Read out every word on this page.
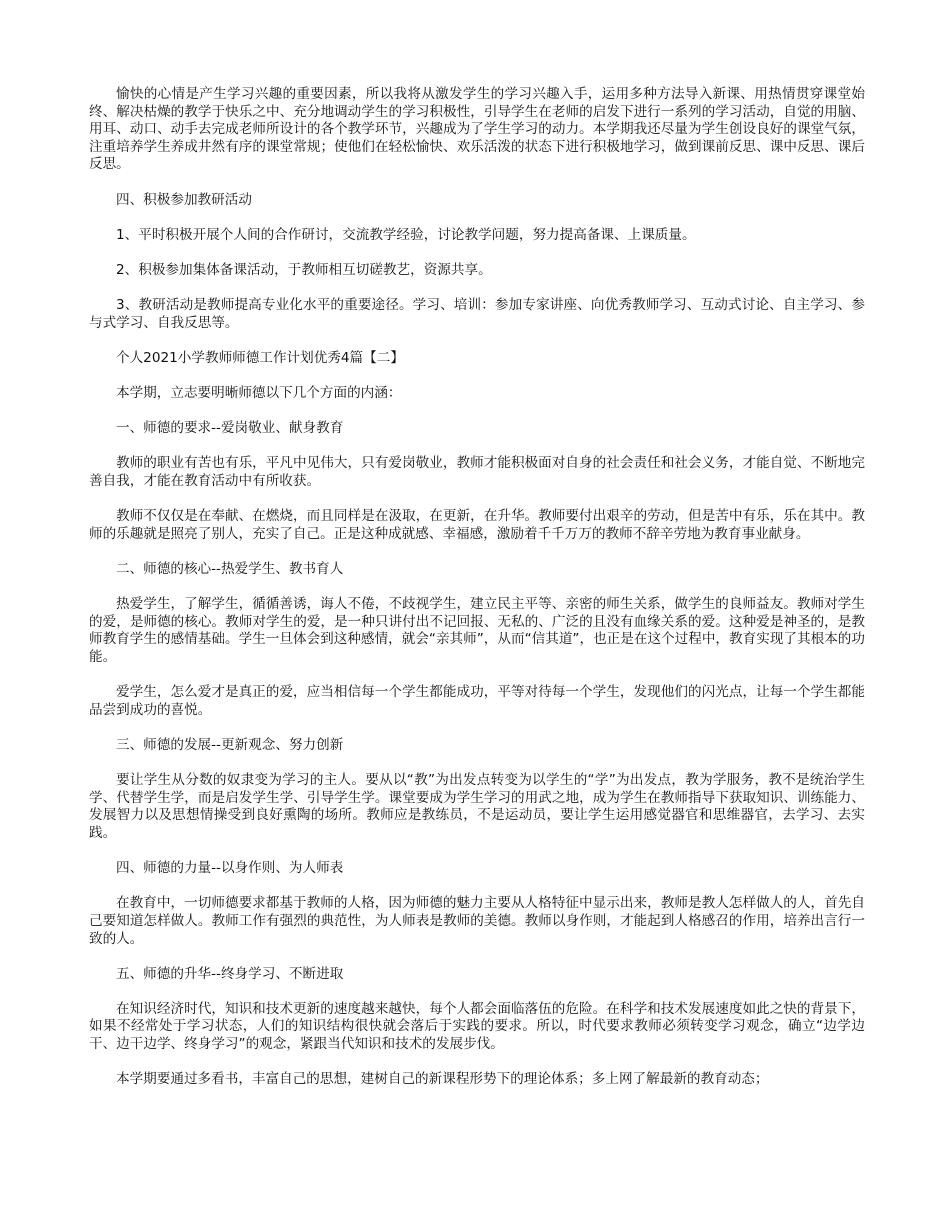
愉快的心情是产生学习兴趣的重要因素，所以我将从激发学生的学习兴趣入手，运用多种方法导入新课、用热情贯穿课堂始终、解决枯燥的教学于快乐之中、充分地调动学生的学习积极性，引导学生在老师的启发下进行一系列的学习活动，自觉的用脑、用耳、动口、动手去完成老师所设计的各个教学环节，兴趣成为了学生学习的动力。本学期我还尽量为学生创设良好的课堂气氛，注重培养学生养成井然有序的课堂常规；使他们在轻松愉快、欢乐活泼的状态下进行积极地学习，做到课前反思、课中反思、课后反思。

四、积极参加教研活动

1、平时积极开展个人间的合作研讨，交流教学经验，讨论教学问题，努力提高备课、上课质量。

2、积极参加集体备课活动，于教师相互切磋教艺，资源共享。

3、教研活动是教师提高专业化水平的重要途径。学习、培训：参加专家讲座、向优秀教师学习、互动式讨论、自主学习、参与式学习、自我反思等。

个人2021小学教师师德工作计划优秀4篇【二】

本学期，立志要明晰师德以下几个方面的内涵：

一、师德的要求--爱岗敬业、献身教育

教师的职业有苦也有乐，平凡中见伟大，只有爱岗敬业，教师才能积极面对自身的社会责任和社会义务，才能自觉、不断地完善自我，才能在教育活动中有所收获。

教师不仅仅是在奉献、在燃烧，而且同样是在汲取，在更新，在升华。教师要付出艰辛的劳动，但是苦中有乐，乐在其中。教师的乐趣就是照亮了别人，充实了自己。正是这种成就感、幸福感，激励着千千万万的教师不辞辛劳地为教育事业献身。

二、师德的核心--热爱学生、教书育人

热爱学生，了解学生，循循善诱，诲人不倦，不歧视学生，建立民主平等、亲密的师生关系，做学生的良师益友。教师对学生的爱，是师德的核心。教师对学生的爱，是一种只讲付出不记回报、无私的、广泛的且没有血缘关系的爱。这种爱是神圣的，是教师教育学生的感情基础。学生一旦体会到这种感情，就会“亲其师”，从而“信其道”，也正是在这个过程中，教育实现了其根本的功能。

爱学生，怎么爱才是真正的爱，应当相信每一个学生都能成功，平等对待每一个学生，发现他们的闪光点，让每一个学生都能品尝到成功的喜悦。

三、师德的发展--更新观念、努力创新

要让学生从分数的奴隶变为学习的主人。要从以“教”为出发点转变为以学生的“学”为出发点，教为学服务，教不是统治学生学、代替学生学，而是启发学生学、引导学生学。课堂要成为学生学习的用武之地，成为学生在教师指导下获取知识、训练能力、发展智力以及思想情操受到良好熏陶的场所。教师应是教练员，不是运动员，要让学生运用感觉器官和思维器官，去学习、去实践。

四、师德的力量--以身作则、为人师表

在教育中，一切师德要求都基于教师的人格，因为师德的魅力主要从人格特征中显示出来，教师是教人怎样做人的人，首先自己要知道怎样做人。教师工作有强烈的典范性，为人师表是教师的美德。教师以身作则，才能起到人格感召的作用，培养出言行一致的人。

五、师德的升华--终身学习、不断进取

在知识经济时代，知识和技术更新的速度越来越快，每个人都会面临落伍的危险。在科学和技术发展速度如此之快的背景下，如果不经常处于学习状态，人们的知识结构很快就会落后于实践的要求。所以，时代要求教师必须转变学习观念，确立“边学边干、边干边学、终身学习”的观念，紧跟当代知识和技术的发展步伐。

本学期要通过多看书，丰富自己的思想，建树自己的新课程形势下的理论体系；多上网了解最新的教育动态；
